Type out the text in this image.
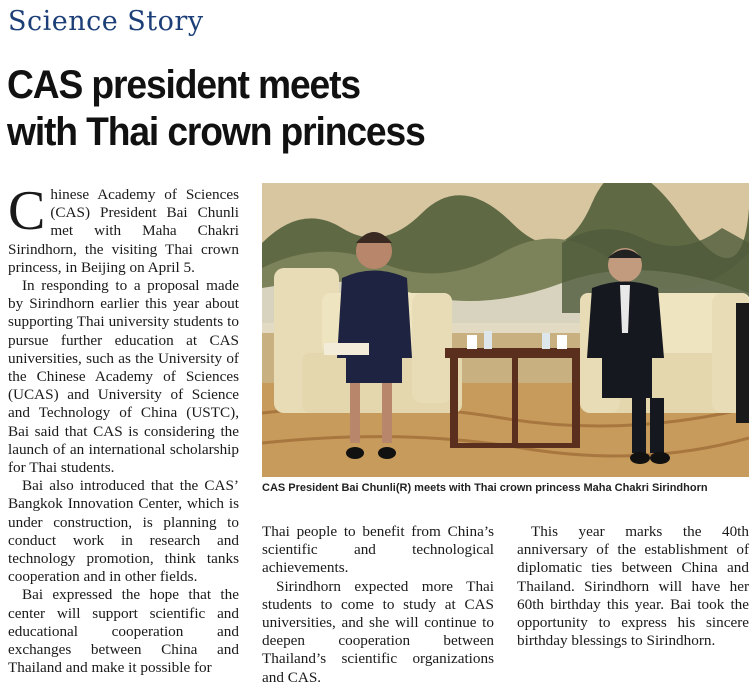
Science Story
CAS president meets
with Thai crown princess

Chinese Academy of Sciences (CAS) President Bai Chunli met with Maha Chakri Sirindhorn, the visiting Thai crown princess, in Beijing on April 5.

In responding to a proposal made by Sirindhorn earlier this year about supporting Thai university students to pursue further education at CAS universities, such as the University of the Chinese Academy of Sciences (UCAS) and University of Science and Technology of China (USTC), Bai said that CAS is considering the launch of an international scholarship for Thai students.

Bai also introduced that the CAS’ Bangkok Innovation Center, which is under construction, is planning to conduct work in research and technology promotion, think tanks cooperation and in other fields.

Bai expressed the hope that the center will support scientific and educational cooperation and exchanges between China and Thailand and make it possible for

CAS President Bai Chunli(R) meets with Thai crown princess Maha Chakri Sirindhorn

Thai people to benefit from China’s scientific and technological achievements.

Sirindhorn expected more Thai students to come to study at CAS universities, and she will continue to deepen cooperation between Thailand’s scientific organizations and CAS.

This year marks the 40th anniversary of the establishment of diplomatic ties between China and Thailand. Sirindhorn will have her 60th birthday this year. Bai took the opportunity to express his sincere birthday blessings to Sirindhorn.
